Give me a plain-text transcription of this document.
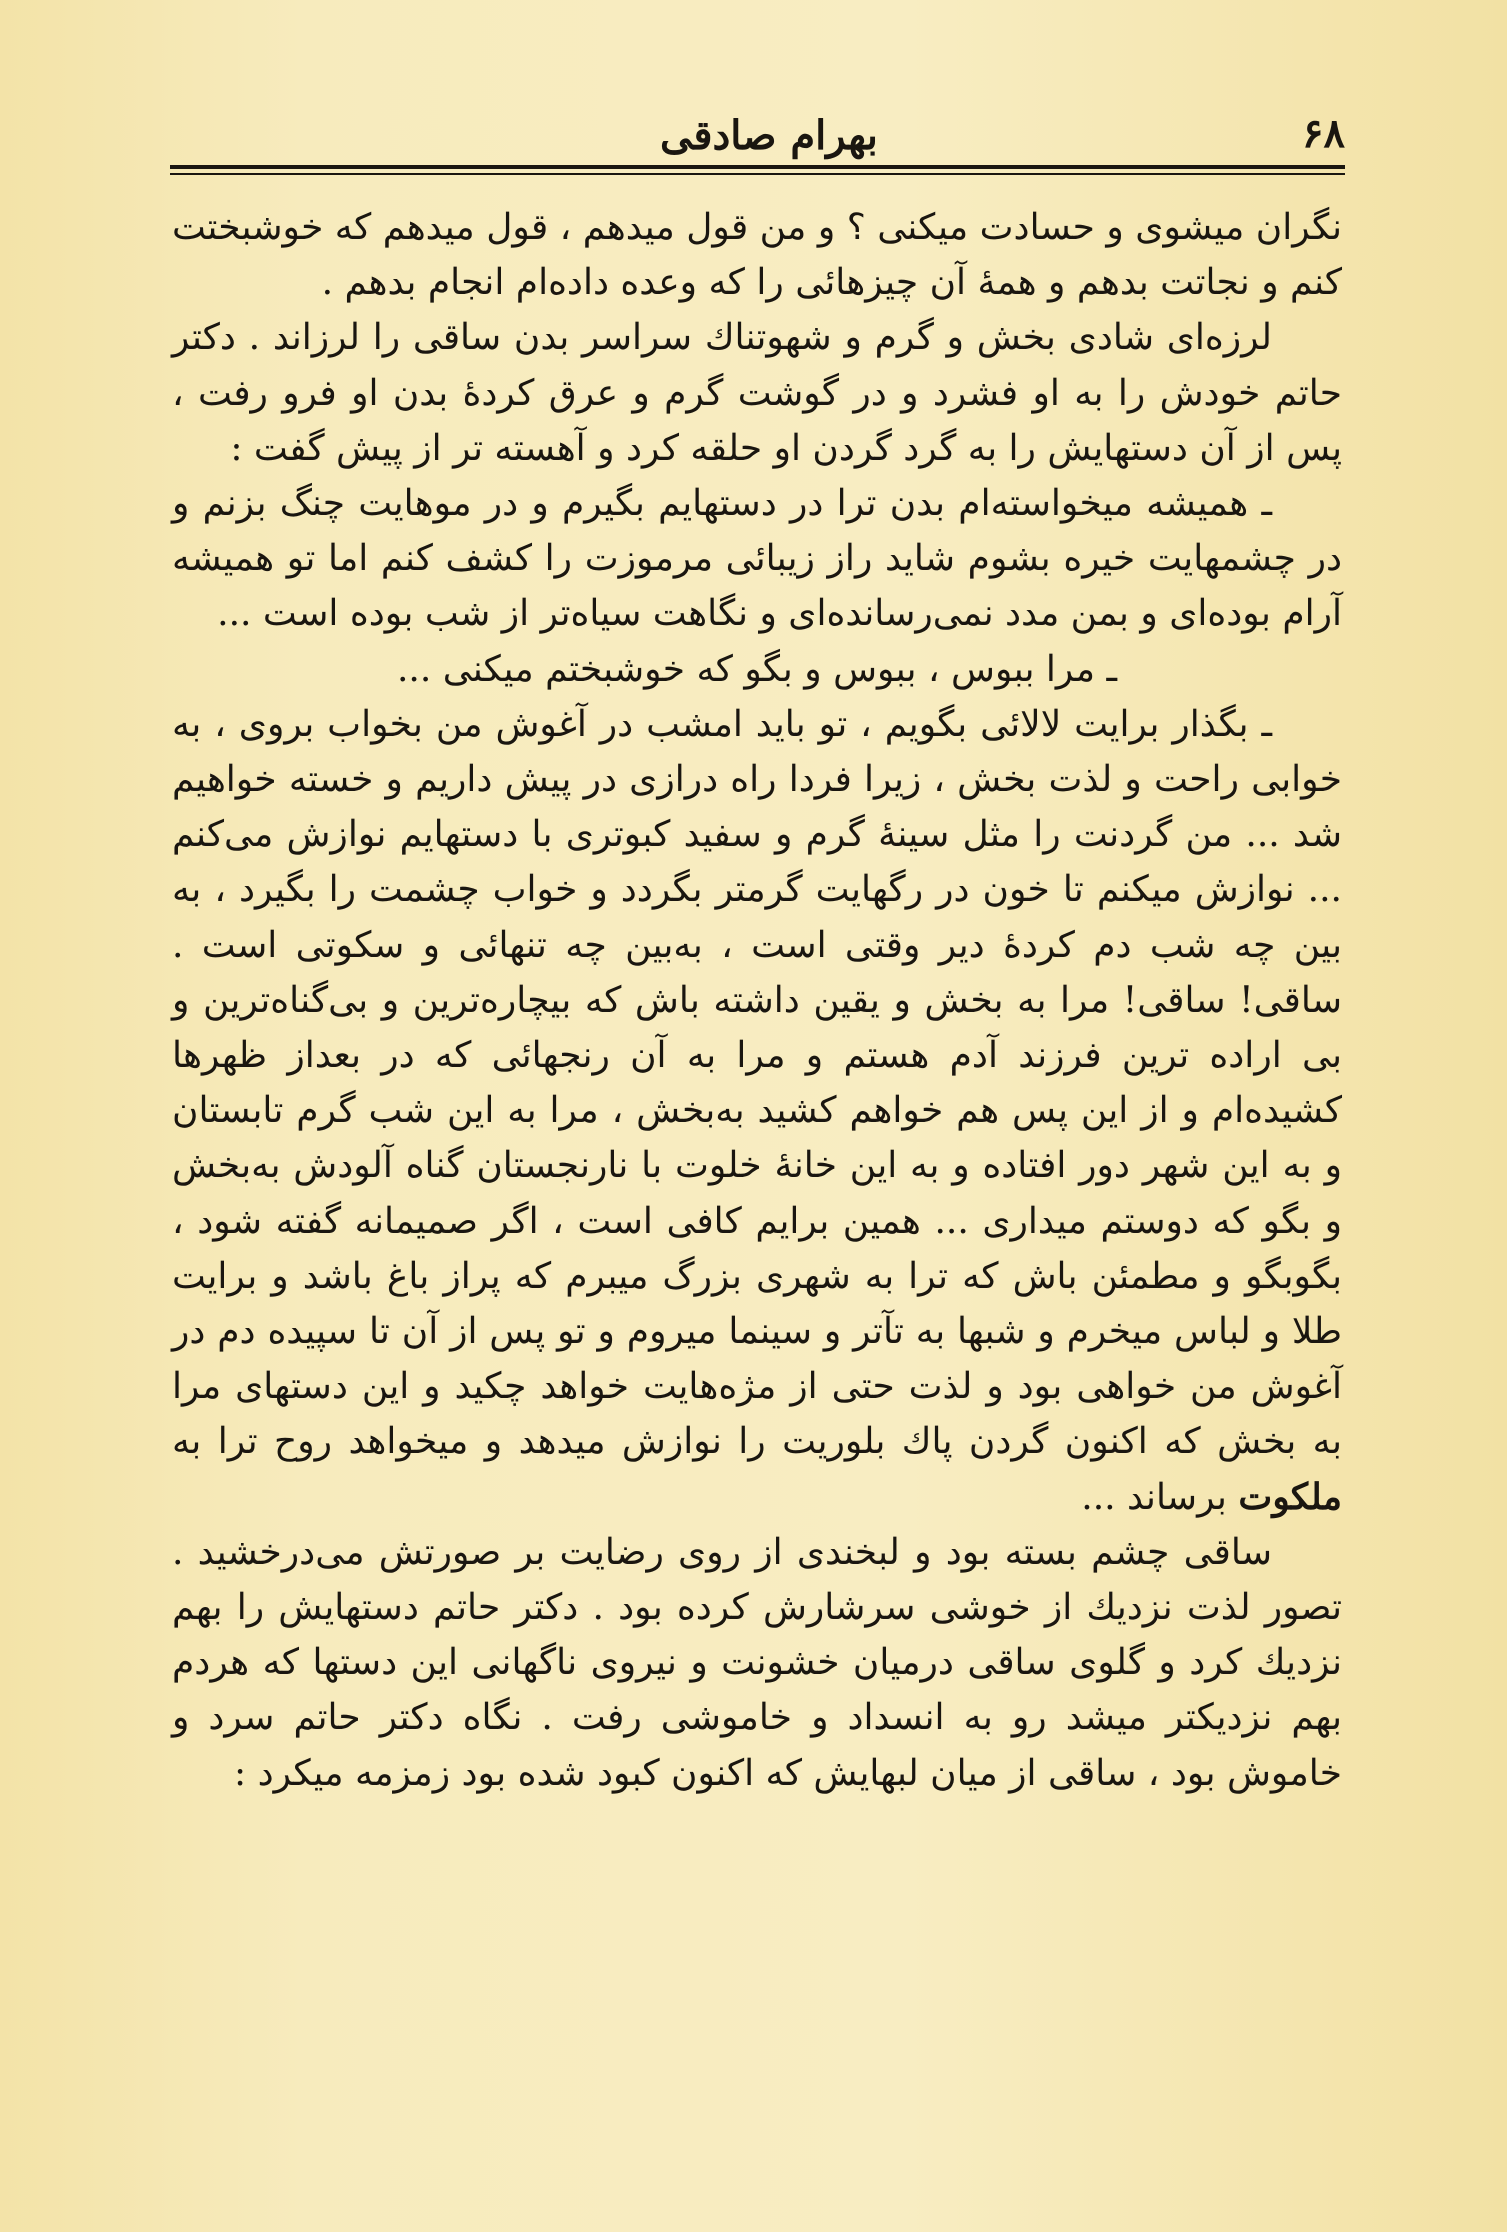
۶۸
بهرام صادقی

نگران میشوی و حسادت میکنی ؟ و من قول میدهم ، قول میدهم که خوشبختت کنم و نجاتت بدهم و همهٔ آن چیزهائی را که وعده داده‌ام انجام بدهم .

لرزه‌ای شادی بخش و گرم و شهوتناك سراسر بدن ساقی را لرزاند . دکتر حاتم خودش را به او فشرد و در گوشت گرم و عرق کردهٔ بدن او فرو رفت ، پس از آن دستهایش را به گرد گردن او حلقه کرد و آهسته تر از پیش گفت :

ـ همیشه میخواسته‌ام بدن ترا در دستهایم بگیرم و در موهایت چنگ بزنم و در چشمهایت خیره بشوم شاید راز زیبائی مرموزت را کشف کنم اما تو همیشه آرام بوده‌ای و بمن مدد نمی‌رسانده‌ای و نگاهت سیاه‌تر از شب بوده است ...

ـ مرا ببوس ، ببوس و بگو که خوشبختم میکنی ...

ـ بگذار برایت لالائی بگویم ، تو باید امشب در آغوش من بخواب بروی ، به خوابی راحت و لذت بخش ، زیرا فردا راه درازی در پیش داریم و خسته خواهیم شد ... من گردنت را مثل سینهٔ گرم و سفید کبوتری با دستهایم نوازش می‌کنم ... نوازش میکنم تا خون در رگهایت گرمتر بگردد و خواب چشمت را بگیرد ، به بین چه شب دم کردهٔ دیر وقتی است ، به‌بین چه تنهائی و سکوتی است . ساقی! ساقی! مرا به بخش و یقین داشته باش که بیچاره‌ترین و بی‌گناه‌ترین و بی اراده ترین فرزند آدم هستم و مرا به آن رنجهائی که در بعداز ظهرها کشیده‌ام و از این پس هم خواهم کشید به‌بخش ، مرا به این شب گرم تابستان و به این شهر دور افتاده و به این خانهٔ خلوت با نارنجستان گناه آلودش به‌بخش و بگو که دوستم میداری ... همین برایم کافی است ، اگر صمیمانه گفته شود ، بگوبگو و مطمئن باش که ترا به شهری بزرگ میبرم که پراز باغ باشد و برایت طلا و لباس میخرم و شبها به تآتر و سینما میروم و تو پس از آن تا سپیده دم در آغوش من خواهی بود و لذت حتی از مژه‌هایت خواهد چکید و این دستهای مرا به بخش که اکنون گردن پاك بلوریت را نوازش میدهد و میخواهد روح ترا به ملکوت برساند ...

ساقی چشم بسته بود و لبخندی از روی رضایت بر صورتش می‌درخشید . تصور لذت نزدیك از خوشی سرشارش کرده بود . دکتر حاتم دستهایش را بهم نزدیك کرد و گلوی ساقی درمیان خشونت و نیروی ناگهانی این دستها که هردم بهم نزدیکتر میشد رو به انسداد و خاموشی رفت . نگاه دکتر حاتم سرد و خاموش بود ، ساقی از میان لبهایش که اکنون کبود شده بود زمزمه میکرد :
